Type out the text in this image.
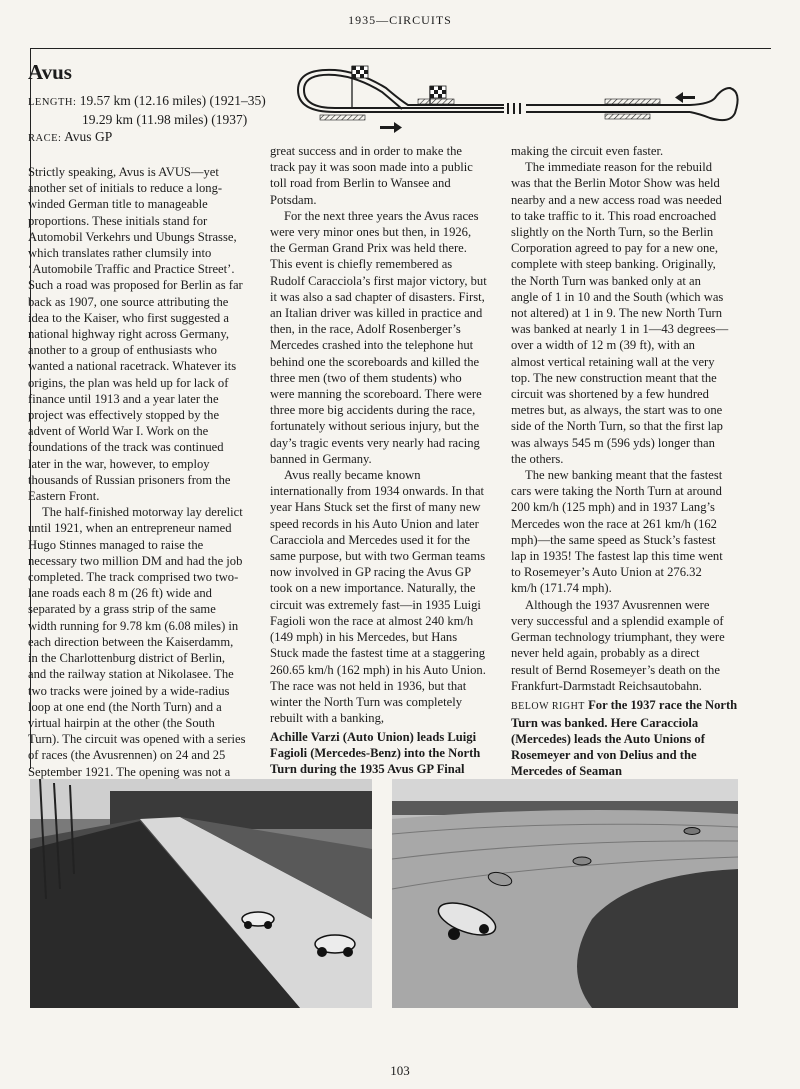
1935—CIRCUITS
Avus
LENGTH: 19.57 km (12.16 miles) (1921–35)
19.29 km (11.98 miles) (1937)
RACE: Avus GP

Strictly speaking, Avus is AVUS—yet another set of initials to reduce a long-winded German title to manageable proportions. These initials stand for Automobil Verkehrs und Ubungs Strasse, which translates rather clumsily into ‘Automobile Traffic and Practice Street’. Such a road was proposed for Berlin as far back as 1907, one source attributing the idea to the Kaiser, who first suggested a national highway right across Germany, another to a group of enthusiasts who wanted a national racetrack. Whatever its origins, the plan was held up for lack of finance until 1913 and a year later the project was effectively stopped by the advent of World War I. Work on the foundations of the track was continued later in the war, however, to employ thousands of Russian prisoners from the Eastern Front.

The half-finished motorway lay derelict until 1921, when an entrepreneur named Hugo Stinnes managed to raise the necessary two million DM and had the job completed. The track comprised two two-lane roads each 8 m (26 ft) wide and separated by a grass strip of the same width running for 9.78 km (6.08 miles) in each direction between the Kaiserdamm, in the Charlottenburg district of Berlin, and the railway station at Nikolasee. The two tracks were joined by a wide-radius loop at one end (the North Turn) and a virtual hairpin at the other (the South Turn). The circuit was opened with a series of races (the Avusrennen) on 24 and 25 September 1921. The opening was not a

great success and in order to make the track pay it was soon made into a public toll road from Berlin to Wansee and Potsdam.

For the next three years the Avus races were very minor ones but then, in 1926, the German Grand Prix was held there. This event is chiefly remembered as Rudolf Caracciola’s first major victory, but it was also a sad chapter of disasters. First, an Italian driver was killed in practice and then, in the race, Adolf Rosenberger’s Mercedes crashed into the telephone hut behind one the scoreboards and killed the three men (two of them students) who were manning the scoreboard. There were three more big accidents during the race, fortunately without serious injury, but the day’s tragic events very nearly had racing banned in Germany.

Avus really became known internationally from 1934 onwards. In that year Hans Stuck set the first of many new speed records in his Auto Union and later Caracciola and Mercedes used it for the same purpose, but with two German teams now involved in GP racing the Avus GP took on a new importance. Naturally, the circuit was extremely fast—in 1935 Luigi Fagioli won the race at almost 240 km/h (149 mph) in his Mercedes, but Hans Stuck made the fastest time at a staggering 260.65 km/h (162 mph) in his Auto Union. The race was not held in 1936, but that winter the North Turn was completely rebuilt with a banking,

making the circuit even faster.

The immediate reason for the rebuild was that the Berlin Motor Show was held nearby and a new access road was needed to take traffic to it. This road encroached slightly on the North Turn, so the Berlin Corporation agreed to pay for a new one, complete with steep banking. Originally, the North Turn was banked only at an angle of 1 in 10 and the South (which was not altered) at 1 in 9. The new North Turn was banked at nearly 1 in 1—43 degrees—over a width of 12 m (39 ft), with an almost vertical retaining wall at the very top. The new construction meant that the circuit was shortened by a few hundred metres but, as always, the start was to one side of the North Turn, so that the first lap was always 545 m (596 yds) longer than the others.

The new banking meant that the fastest cars were taking the North Turn at around 200 km/h (125 mph) and in 1937 Lang’s Mercedes won the race at 261 km/h (162 mph)—the same speed as Stuck’s fastest lap in 1935! The fastest lap this time went to Rosemeyer’s Auto Union at 276.32 km/h (171.74 mph).

Although the 1937 Avusrennen were very successful and a splendid example of German technology triumphant, they were never held again, probably as a direct result of Bernd Rosemeyer’s death on the Frankfurt-Darmstadt Reichsautobahn.

Achille Varzi (Auto Union) leads Luigi Fagioli (Mercedes-Benz) into the North Turn during the 1935 Avus GP Final
BELOW RIGHT For the 1937 race the North Turn was banked. Here Caracciola (Mercedes) leads the Auto Unions of Rosemeyer and von Delius and the Mercedes of Seaman
103
